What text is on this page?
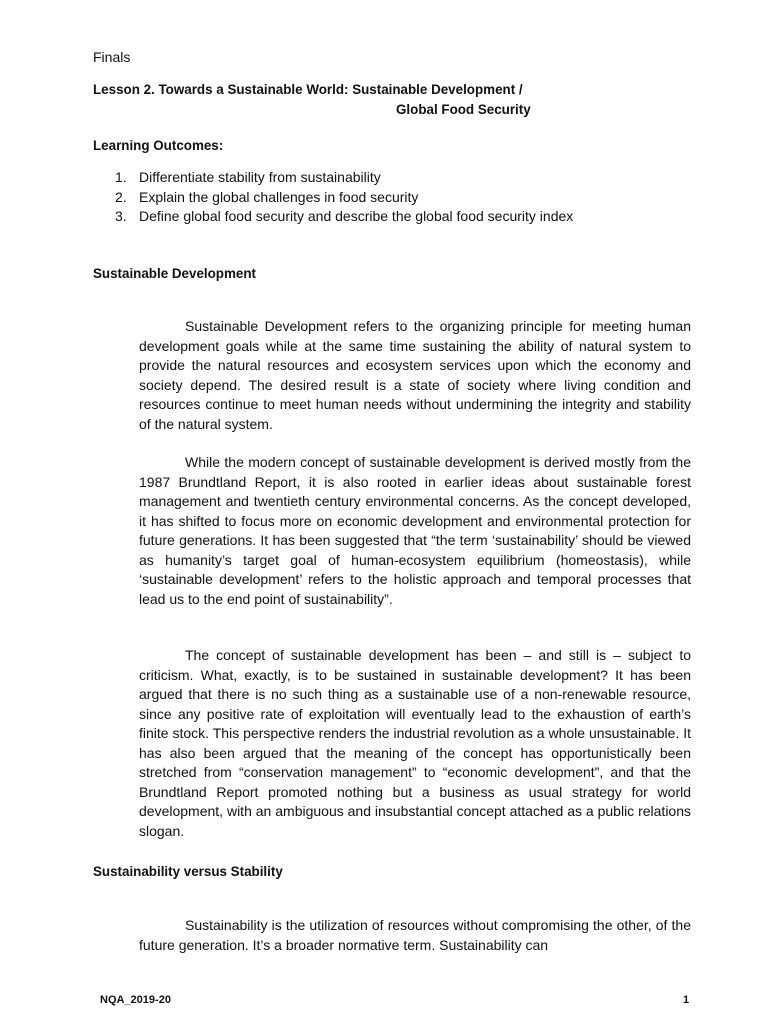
Finals
Lesson 2. Towards a Sustainable World: Sustainable Development /
Global Food Security
Learning Outcomes:
1. Differentiate stability from sustainability
2. Explain the global challenges in food security
3. Define global food security and describe the global food security index
Sustainable Development

Sustainable Development refers to the organizing principle for meeting human development goals while at the same time sustaining the ability of natural system to provide the natural resources and ecosystem services upon which the economy and society depend. The desired result is a state of society where living condition and resources continue to meet human needs without undermining the integrity and stability of the natural system.

While the modern concept of sustainable development is derived mostly from the 1987 Brundtland Report, it is also rooted in earlier ideas about sustainable forest management and twentieth century environmental concerns. As the concept developed, it has shifted to focus more on economic development and environmental protection for future generations. It has been suggested that “the term ‘sustainability’ should be viewed as humanity’s target goal of human-ecosystem equilibrium (homeostasis), while ‘sustainable development’ refers to the holistic approach and temporal processes that lead us to the end point of sustainability”.

The concept of sustainable development has been – and still is – subject to criticism. What, exactly, is to be sustained in sustainable development? It has been argued that there is no such thing as a sustainable use of a non-renewable resource, since any positive rate of exploitation will eventually lead to the exhaustion of earth’s finite stock. This perspective renders the industrial revolution as a whole unsustainable. It has also been argued that the meaning of the concept has opportunistically been stretched from “conservation management” to “economic development”, and that the Brundtland Report promoted nothing but a business as usual strategy for world development, with an ambiguous and insubstantial concept attached as a public relations slogan.

Sustainability versus Stability

Sustainability is the utilization of resources without compromising the other, of the future generation. It’s a broader normative term. Sustainability can

NQA_2019-20	1
